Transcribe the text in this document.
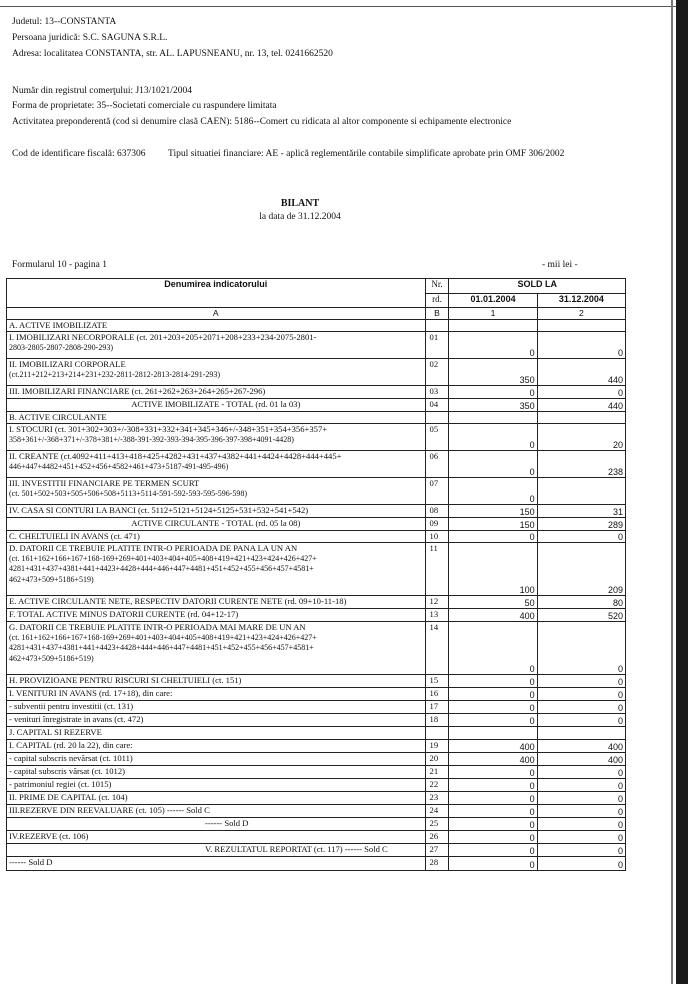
Judetul: 13--CONSTANTA
Persoana juridică: S.C. SAGUNA S.R.L.
Adresa: localitatea CONSTANTA, str. AL. LAPUSNEANU, nr. 13, tel. 0241662520
Număr din registrul comerţului: J13/1021/2004
Forma de proprietate: 35--Societati comerciale cu raspundere limitata
Activitatea preponderentă (cod si denumire clasă CAEN): 5186--Comert cu ridicata al altor componente si echipamente electronice
Cod de identificare fiscală: 637306 Tipul situatiei financiare: AE - aplică reglementările contabile simplificate aprobate prin OMF 306/2002
BILANT
la data de 31.12.2004
Formularul 10 - pagina 1	- mii lei -
Denumirea indicatorului	Nr.	SOLD LA	
	rd.	01.01.2004	31.12.2004
A	B	1	2

A. ACTIVE IMOBILIZATE			

I. IMOBILIZARI NECORPORALE (ct. 201+203+205+2071+208+233+234-2075-2801-
2803-2805-2807-2808-290-293)	01	0	0

II. IMOBILIZARI CORPORALE
(ct.211+212+213+214+231+232-2811-2812-2813-2814-291-293)	02	350	440

III. IMOBILIZARI FINANCIARE (ct. 261+262+263+264+265+267-296)	03	0	0

ACTIVE IMOBILIZATE - TOTAL (rd. 01 la 03)	04	350	440

B. ACTIVE CIRCULANTE			

I. STOCURI (ct. 301+302+303+/-308+331+332+341+345+346+/-348+351+354+356+357+
358+361+/-368+371+/-378+381+/-388-391-392-393-394-395-396-397-398+4091-4428)	05	0	20

II. CREANTE (ct.4092+411+413+418+425+4282+431+437+4382+441+4424+4428+444+445+
446+447+4482+451+452+456+4582+461+473+5187-491-495-496)	06	0	238

III. INVESTITII FINANCIARE PE TERMEN SCURT
(ct. 501+502+503+505+506+508+5113+5114-591-592-593-595-596-598)	07	0	

IV. CASA SI CONTURI LA BANCI (ct. 5112+5121+5124+5125+531+532+541+542)	08	150	31

ACTIVE CIRCULANTE - TOTAL (rd. 05 la 08)	09	150	289

C. CHELTUIELI IN AVANS (ct. 471)	10	0	0

D. DATORII CE TREBUIE PLATITE INTR-O PERIOADA DE PANA LA UN AN
(ct. 161+162+166+167+168-169+269+401+403+404+405+408+419+421+423+424+426+427+
4281+431+437+4381+441+4423+4428+444+446+447+4481+451+452+455+456+457+4581+
462+473+509+5186+519)	11	100	209

E. ACTIVE CIRCULANTE NETE, RESPECTIV DATORII CURENTE NETE (rd. 09+10-11-18)	12	50	80

F. TOTAL ACTIVE MINUS DATORII CURENTE (rd. 04+12-17)	13	400	520

G. DATORII CE TREBUIE PLATITE INTR-O PERIOADA MAI MARE DE UN AN
(ct. 161+162+166+167+168-169+269+401+403+404+405+408+419+421+423+424+426+427+
4281+431+437+4381+441+4423+4428+444+446+447+4481+451+452+455+456+457+4581+
462+473+509+5186+519)	14	0	0

H. PROVIZIOANE PENTRU RISCURI SI CHELTUIELI (ct. 151)	15	0	0

I. VENITURI IN AVANS (rd. 17+18), din care:	16	0	0

- subventii pentru investitii (ct. 131)	17	0	0

- venituri înregistrate in avans (ct. 472)	18	0	0

J. CAPITAL SI REZERVE			

I. CAPITAL (rd. 20 la 22), din care:	19	400	400

- capital subscris nevărsat (ct. 1011)	20	400	400

- capital subscris vărsat (ct. 1012)	21	0	0

- patrimoniul regiei (ct. 1015)	22	0	0

II. PRIME DE CAPITAL (ct. 104)	23	0	0

III.REZERVE DIN REEVALUARE (ct. 105) ------ Sold C	24	0	0

------ Sold D	25	0	0

IV.REZERVE (ct. 106)	26	0	0

V. REZULTATUL REPORTAT (ct. 117) ------ Sold C	27	0	0

------ Sold D	28	0	0
